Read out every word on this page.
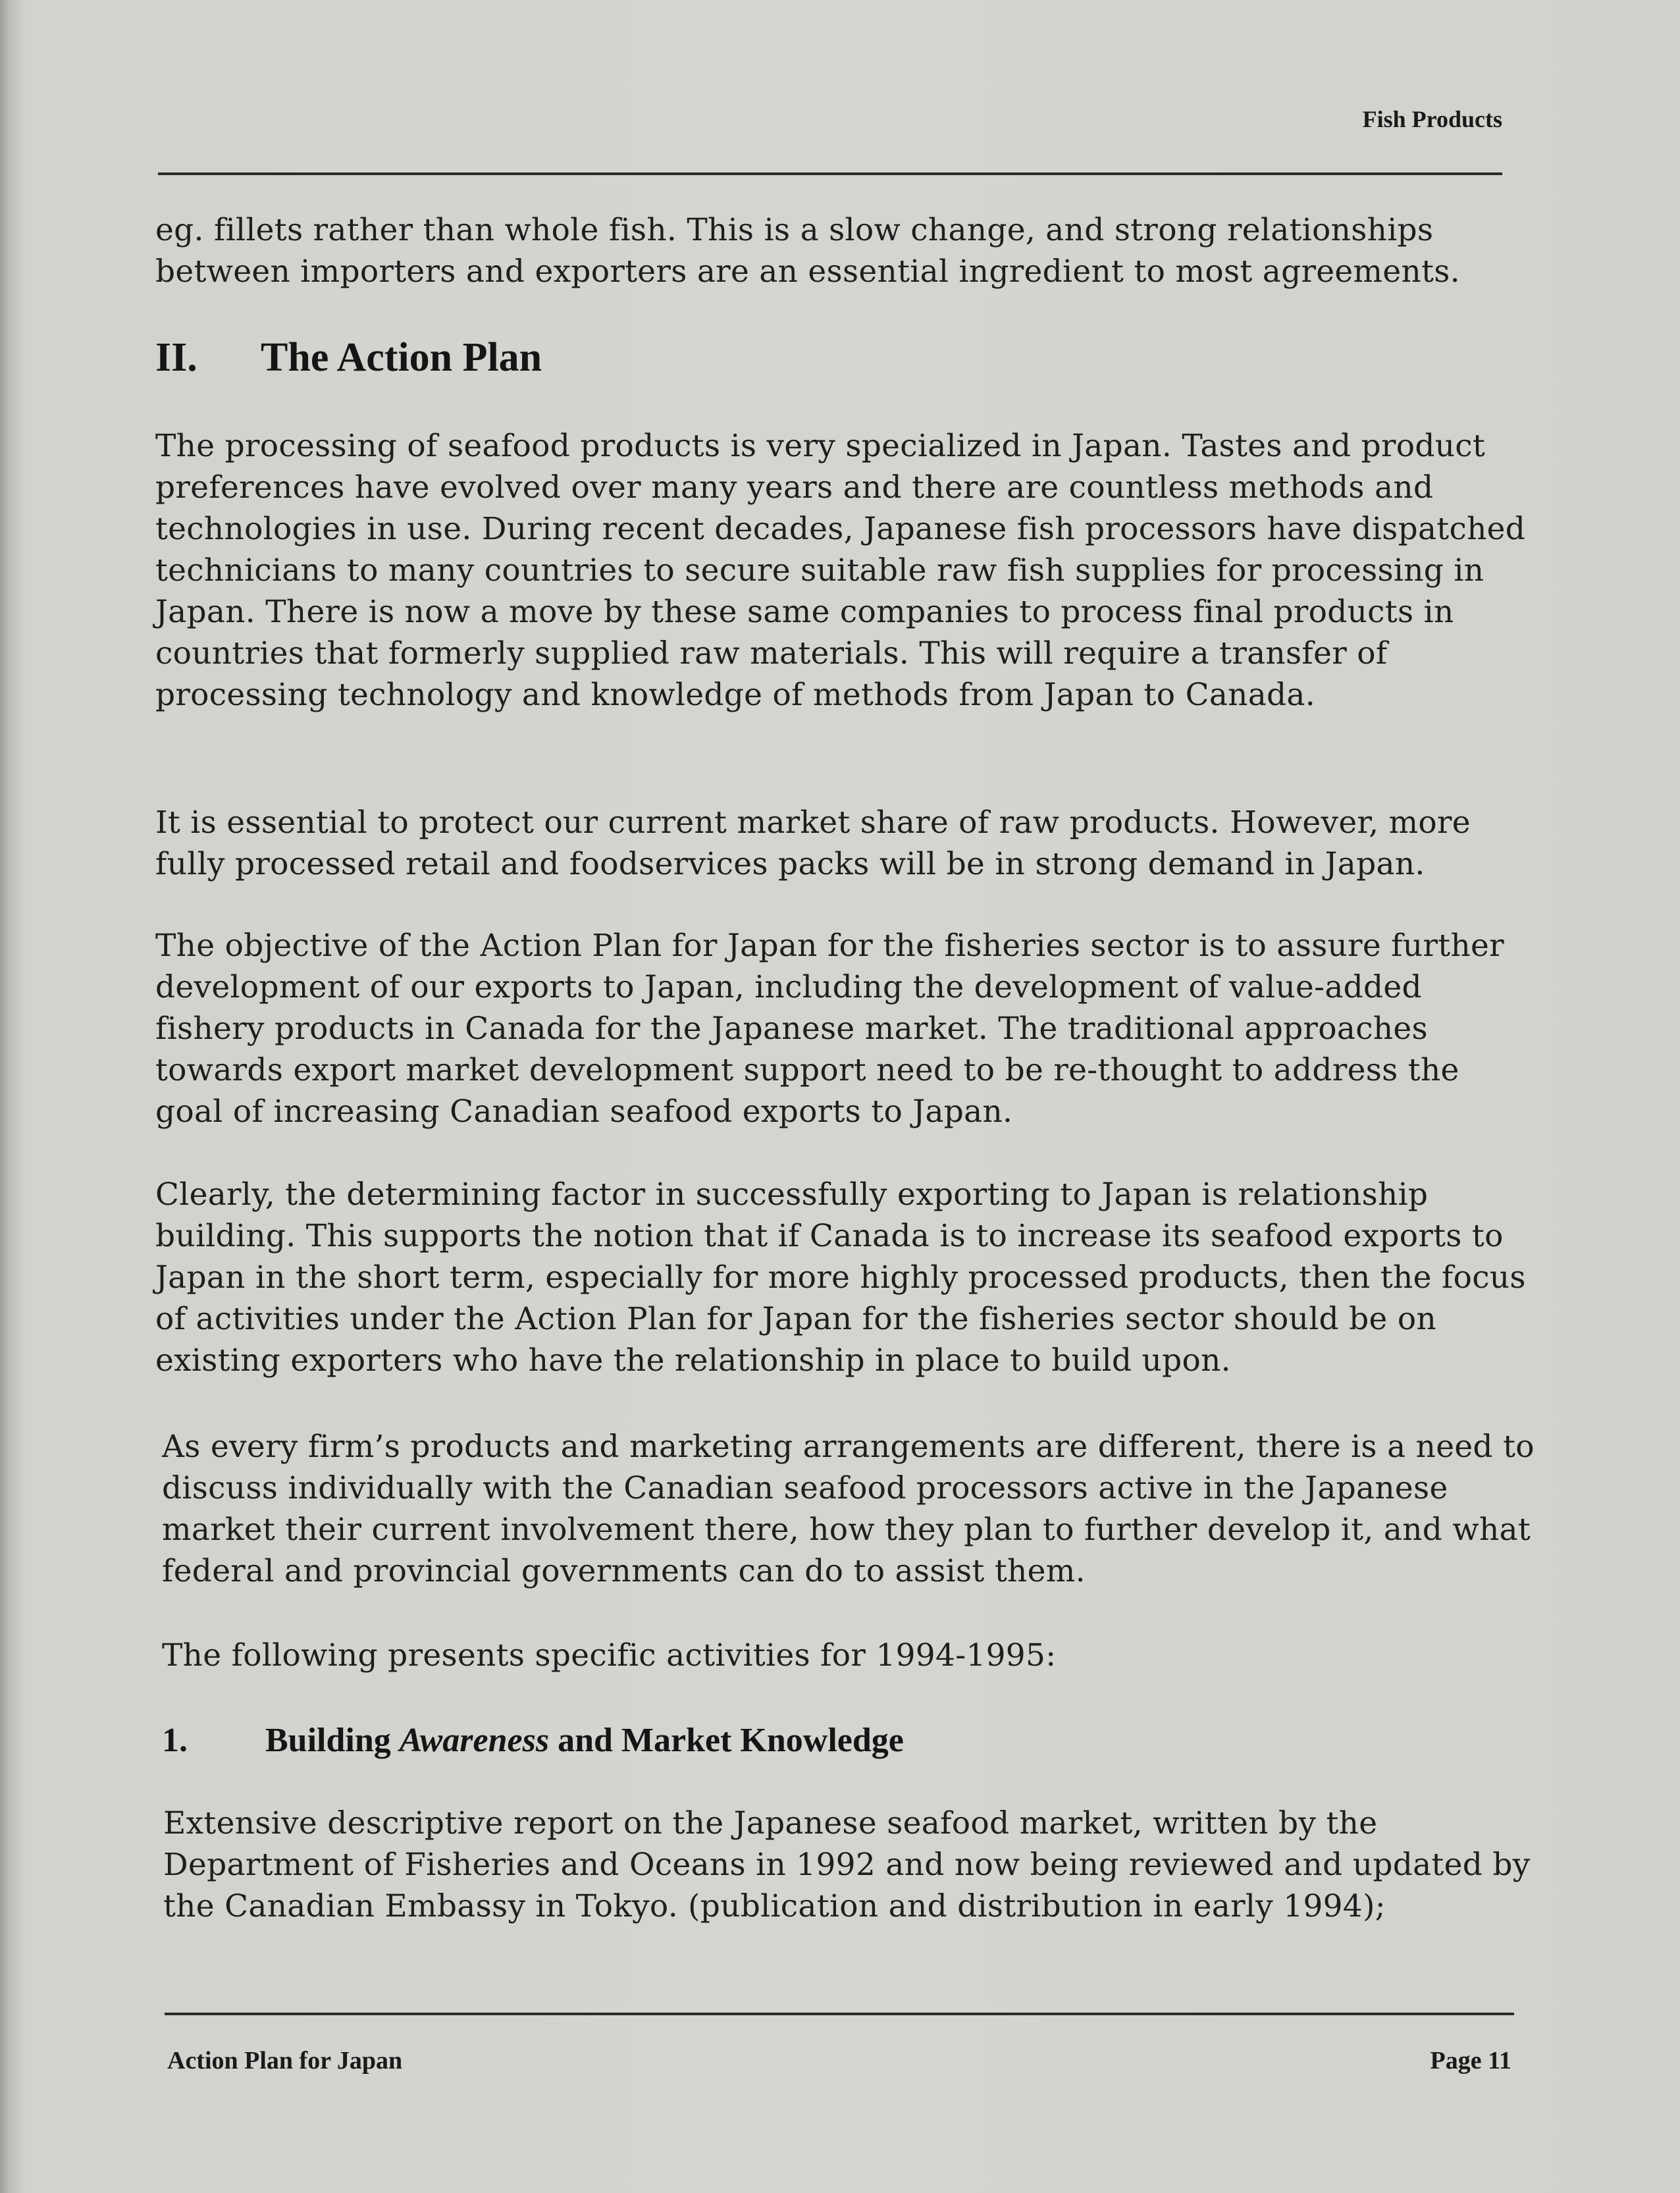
Fish Products

eg. fillets rather than whole fish. This is a slow change, and strong relationships between importers and exporters are an essential ingredient to most agreements.

II. The Action Plan

The processing of seafood products is very specialized in Japan. Tastes and product preferences have evolved over many years and there are countless methods and technologies in use. During recent decades, Japanese fish processors have dispatched technicians to many countries to secure suitable raw fish supplies for processing in Japan. There is now a move by these same companies to process final products in countries that formerly supplied raw materials. This will require a transfer of processing technology and knowledge of methods from Japan to Canada.

It is essential to protect our current market share of raw products. However, more fully processed retail and foodservices packs will be in strong demand in Japan.

The objective of the Action Plan for Japan for the fisheries sector is to assure further development of our exports to Japan, including the development of value-added fishery products in Canada for the Japanese market. The traditional approaches towards export market development support need to be re-thought to address the goal of increasing Canadian seafood exports to Japan.

Clearly, the determining factor in successfully exporting to Japan is relationship building. This supports the notion that if Canada is to increase its seafood exports to Japan in the short term, especially for more highly processed products, then the focus of activities under the Action Plan for Japan for the fisheries sector should be on existing exporters who have the relationship in place to build upon.

As every firm’s products and marketing arrangements are different, there is a need to discuss individually with the Canadian seafood processors active in the Japanese market their current involvement there, how they plan to further develop it, and what federal and provincial governments can do to assist them.

The following presents specific activities for 1994-1995:

1. Building Awareness and Market Knowledge

Extensive descriptive report on the Japanese seafood market, written by the Department of Fisheries and Oceans in 1992 and now being reviewed and updated by the Canadian Embassy in Tokyo. (publication and distribution in early 1994);

Action Plan for Japan	Page 11
